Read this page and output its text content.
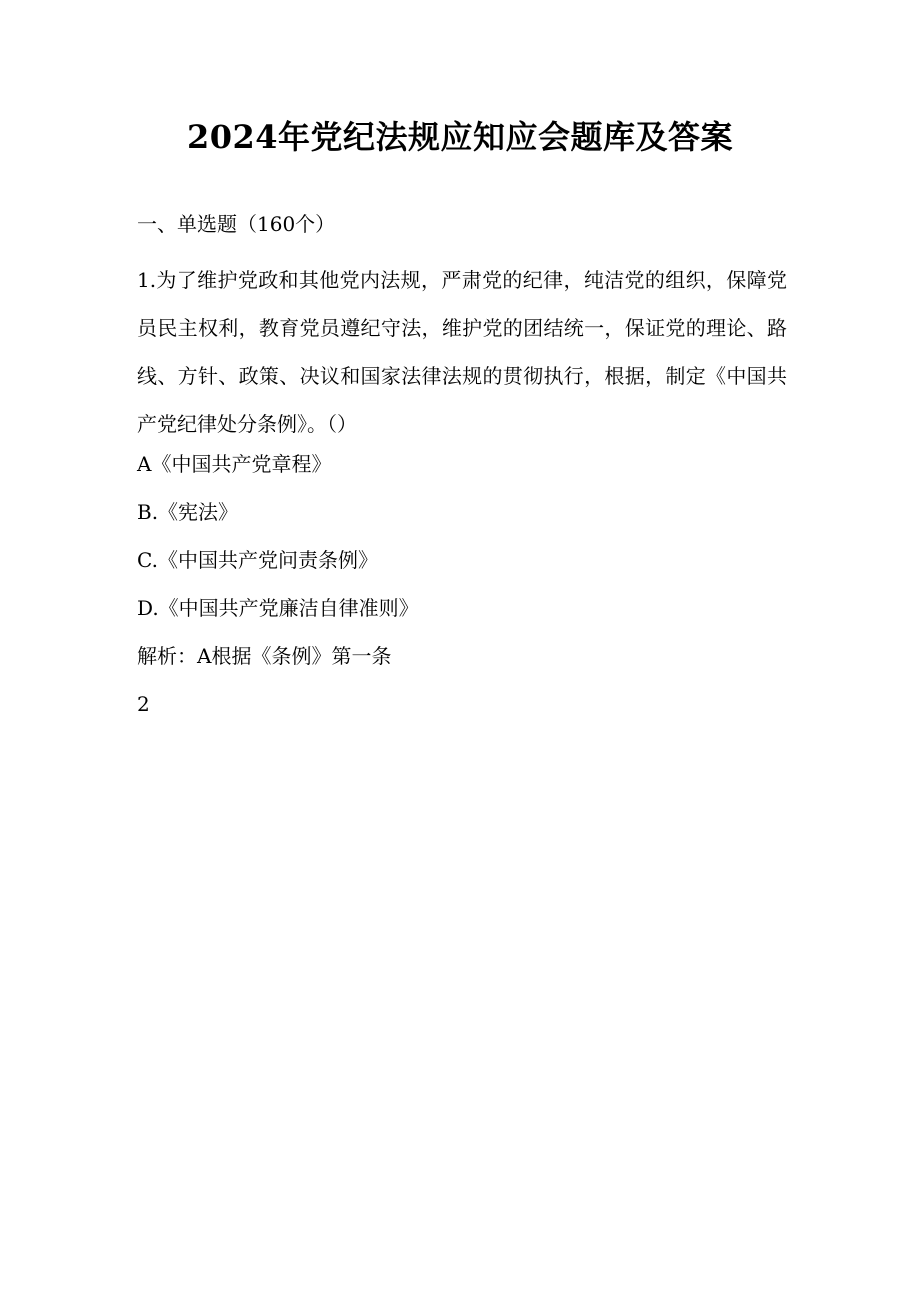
2024年党纪法规应知应会题库及答案

一、单选题（160个）

1.为了维护党政和其他党内法规，严肃党的纪律，纯洁党的组织，保障党员民主权利，教育党员遵纪守法，维护党的团结统一，保证党的理论、路线、方针、政策、决议和国家法律法规的贯彻执行，根据，制定《中国共产党纪律处分条例》。（）

A《中国共产党章程》

B.《宪法》

C.《中国共产党问责条例》

D.《中国共产党廉洁自律准则》

解析：A根据《条例》第一条

2
